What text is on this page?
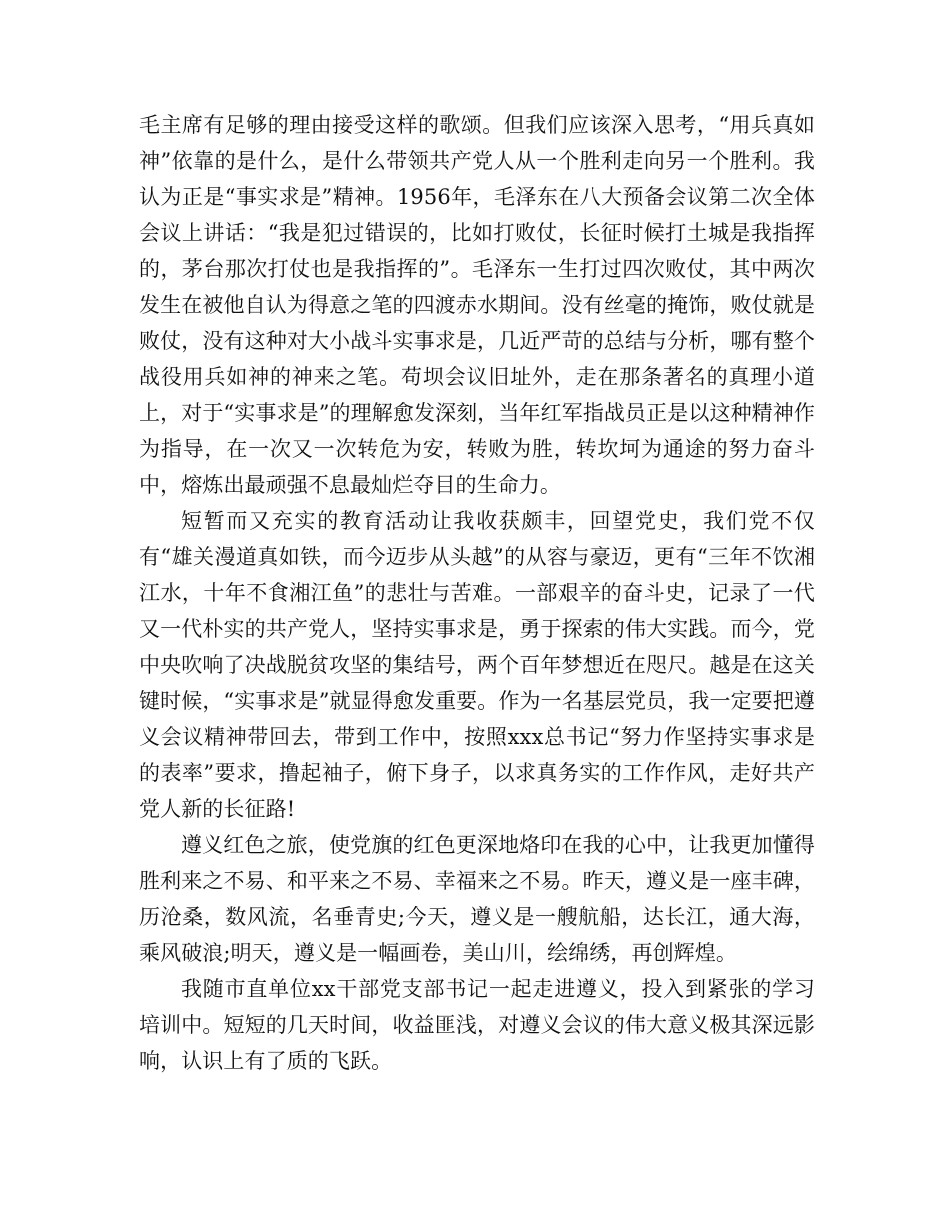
毛主席有足够的理由接受这样的歌颂。但我们应该深入思考，“用兵真如神”依靠的是什么，是什么带领共产党人从一个胜利走向另一个胜利。我认为正是“事实求是”精神。1956年，毛泽东在八大预备会议第二次全体会议上讲话：“我是犯过错误的，比如打败仗，长征时候打土城是我指挥的，茅台那次打仗也是我指挥的”。毛泽东一生打过四次败仗，其中两次发生在被他自认为得意之笔的四渡赤水期间。没有丝毫的掩饰，败仗就是败仗，没有这种对大小战斗实事求是，几近严苛的总结与分析，哪有整个战役用兵如神的神来之笔。苟坝会议旧址外，走在那条著名的真理小道上，对于“实事求是”的理解愈发深刻，当年红军指战员正是以这种精神作为指导，在一次又一次转危为安，转败为胜，转坎坷为通途的努力奋斗中，熔炼出最顽强不息最灿烂夺目的生命力。

短暂而又充实的教育活动让我收获颇丰，回望党史，我们党不仅有“雄关漫道真如铁，而今迈步从头越”的从容与豪迈，更有“三年不饮湘江水，十年不食湘江鱼”的悲壮与苦难。一部艰辛的奋斗史，记录了一代又一代朴实的共产党人，坚持实事求是，勇于探索的伟大实践。而今，党中央吹响了决战脱贫攻坚的集结号，两个百年梦想近在咫尺。越是在这关键时候，“实事求是”就显得愈发重要。作为一名基层党员，我一定要把遵义会议精神带回去，带到工作中，按照xxx总书记“努力作坚持实事求是的表率”要求，撸起袖子，俯下身子，以求真务实的工作作风，走好共产党人新的长征路!

遵义红色之旅，使党旗的红色更深地烙印在我的心中，让我更加懂得胜利来之不易、和平来之不易、幸福来之不易。昨天，遵义是一座丰碑，历沧桑，数风流，名垂青史;今天，遵义是一艘航船，达长江，通大海，乘风破浪;明天，遵义是一幅画卷，美山川，绘绵绣，再创辉煌。

我随市直单位xx干部党支部书记一起走进遵义，投入到紧张的学习培训中。短短的几天时间，收益匪浅，对遵义会议的伟大意义极其深远影响，认识上有了质的飞跃。
